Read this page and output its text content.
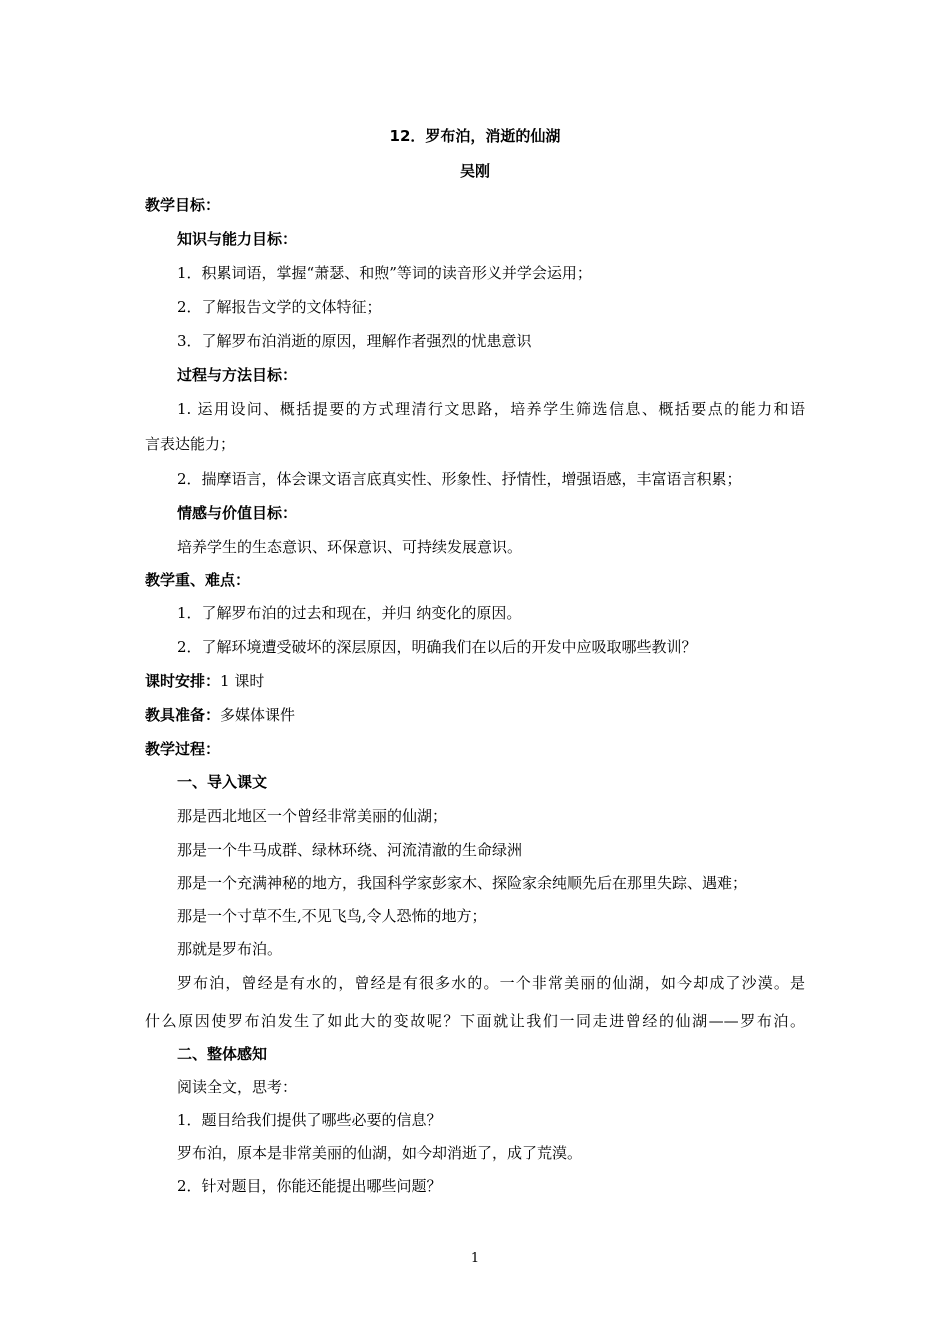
12．罗布泊，消逝的仙湖
吴刚
教学目标：
知识与能力目标：
1．积累词语，掌握“萧瑟、和煦”等词的读音形义并学会运用；
2．了解报告文学的文体特征；
3．了解罗布泊消逝的原因，理解作者强烈的忧患意识
过程与方法目标：
1. 运用设问、概括提要的方式理清行文思路，培养学生筛选信息、概括要点的能力和语
言表达能力；
2．揣摩语言，体会课文语言底真实性、形象性、抒情性，增强语感，丰富语言积累；
情感与价值目标：
培养学生的生态意识、环保意识、可持续发展意识。
教学重、难点：
1．了解罗布泊的过去和现在，并归 纳变化的原因。
2．了解环境遭受破坏的深层原因，明确我们在以后的开发中应吸取哪些教训？
课时安排：1 课时
教具准备：多媒体课件
教学过程：
一、导入课文
那是西北地区一个曾经非常美丽的仙湖；
那是一个牛马成群、绿林环绕、河流清澈的生命绿洲
那是一个充满神秘的地方，我国科学家彭家木、探险家余纯顺先后在那里失踪、遇难；
那是一个寸草不生,不见飞鸟,令人恐怖的地方；
那就是罗布泊。
罗布泊，曾经是有水的，曾经是有很多水的。一个非常美丽的仙湖，如今却成了沙漠。是
什么原因使罗布泊发生了如此大的变故呢？下面就让我们一同走进曾经的仙湖——罗布泊。
二、整体感知
阅读全文，思考：
1．题目给我们提供了哪些必要的信息？
罗布泊，原本是非常美丽的仙湖，如今却消逝了，成了荒漠。
2．针对题目，你能还能提出哪些问题？
1
